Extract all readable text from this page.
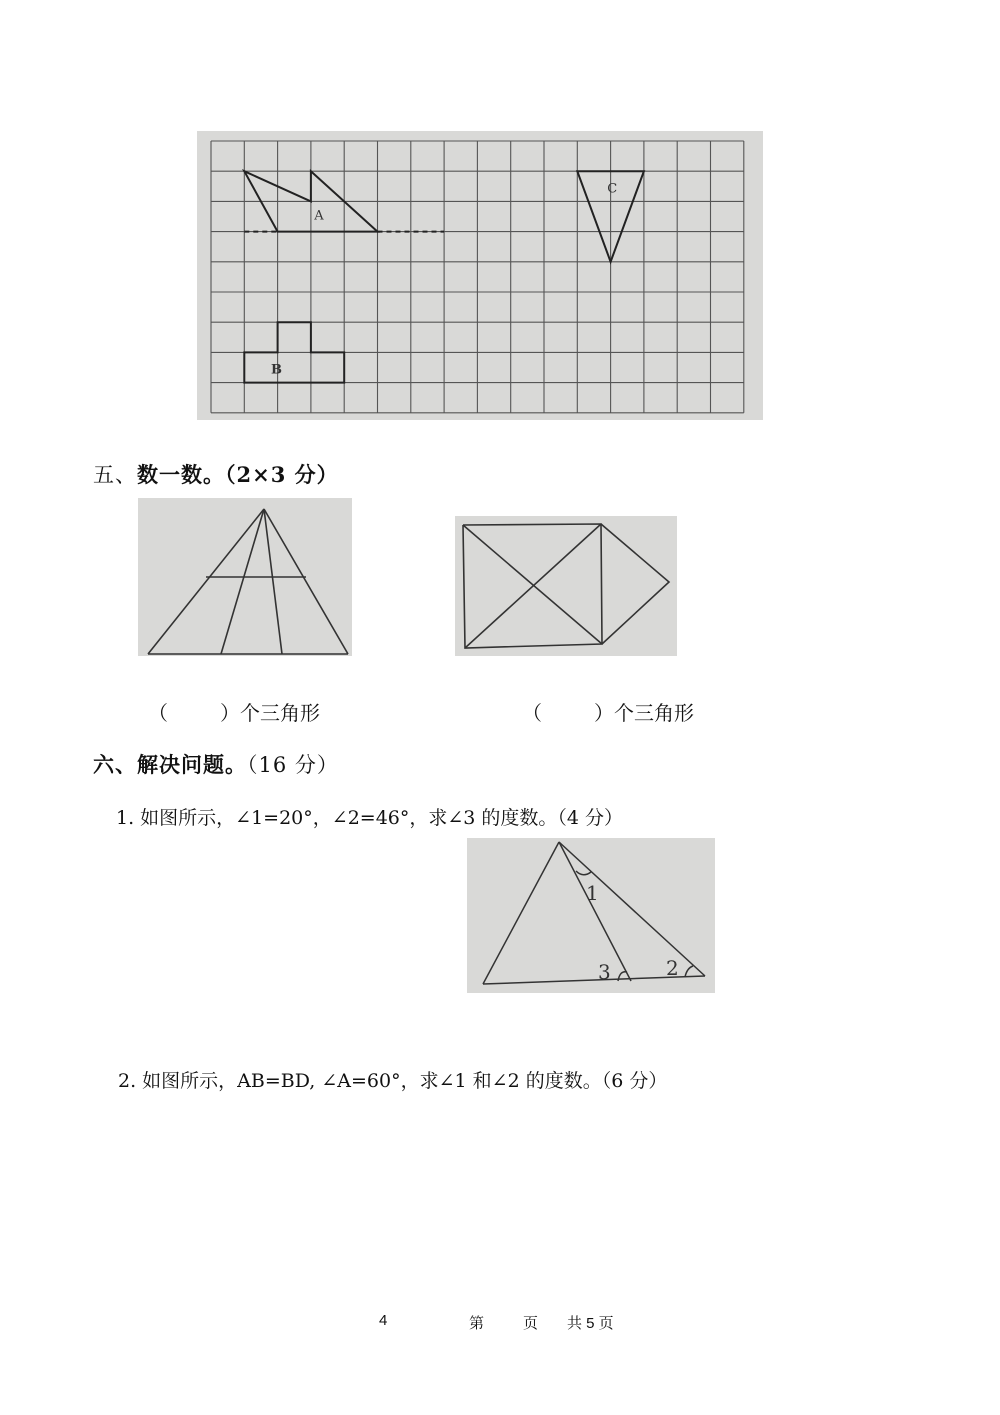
A
B
C
五、数一数。（2×3 分）
（	）个三角形	（	）个三角形
六、解决问题。（16 分）
1. 如图所示，∠1=20°，∠2=46°，求∠3 的度数。（4 分）
1
2
3
2. 如图所示，AB=BD, ∠A=60°，求∠1 和∠2 的度数。（6 分）
4	第	页 共 5 页
